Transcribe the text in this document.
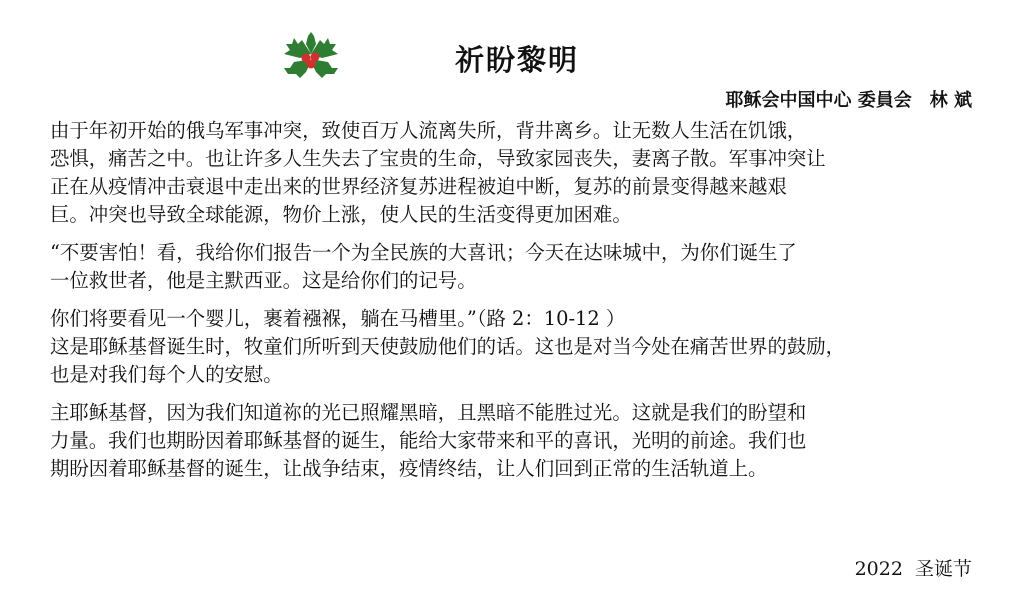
祈盼黎明
耶稣会中国中心 委員会　林 斌

由于年初开始的俄乌军事冲突，致使百万人流离失所，背井离乡。让无数人生活在饥饿，
恐惧，痛苦之中。也让许多人生失去了宝贵的生命，导致家园丧失，妻离子散。军事冲突让
正在从疫情冲击衰退中走出来的世界经济复苏进程被迫中断，复苏的前景变得越来越艰
巨。冲突也导致全球能源，物价上涨，使人民的生活变得更加困难。

“不要害怕！看，我给你们报告一个为全民族的大喜讯；今天在达味城中，为你们诞生了
一位救世者，他是主默西亚。这是给你们的记号。

你们将要看见一个婴儿，裹着襁褓，躺在马槽里。”（路 2：10-12 ）

这是耶稣基督诞生时，牧童们所听到天使鼓励他们的话。这也是对当今处在痛苦世界的鼓励，
也是对我们每个人的安慰。

主耶稣基督，因为我们知道祢的光已照耀黑暗，且黑暗不能胜过光。这就是我们的盼望和
力量。我们也期盼因着耶稣基督的诞生，能给大家带来和平的喜讯，光明的前途。我们也
期盼因着耶稣基督的诞生，让战争结束，疫情终结，让人们回到正常的生活轨道上。

2022  圣诞节
